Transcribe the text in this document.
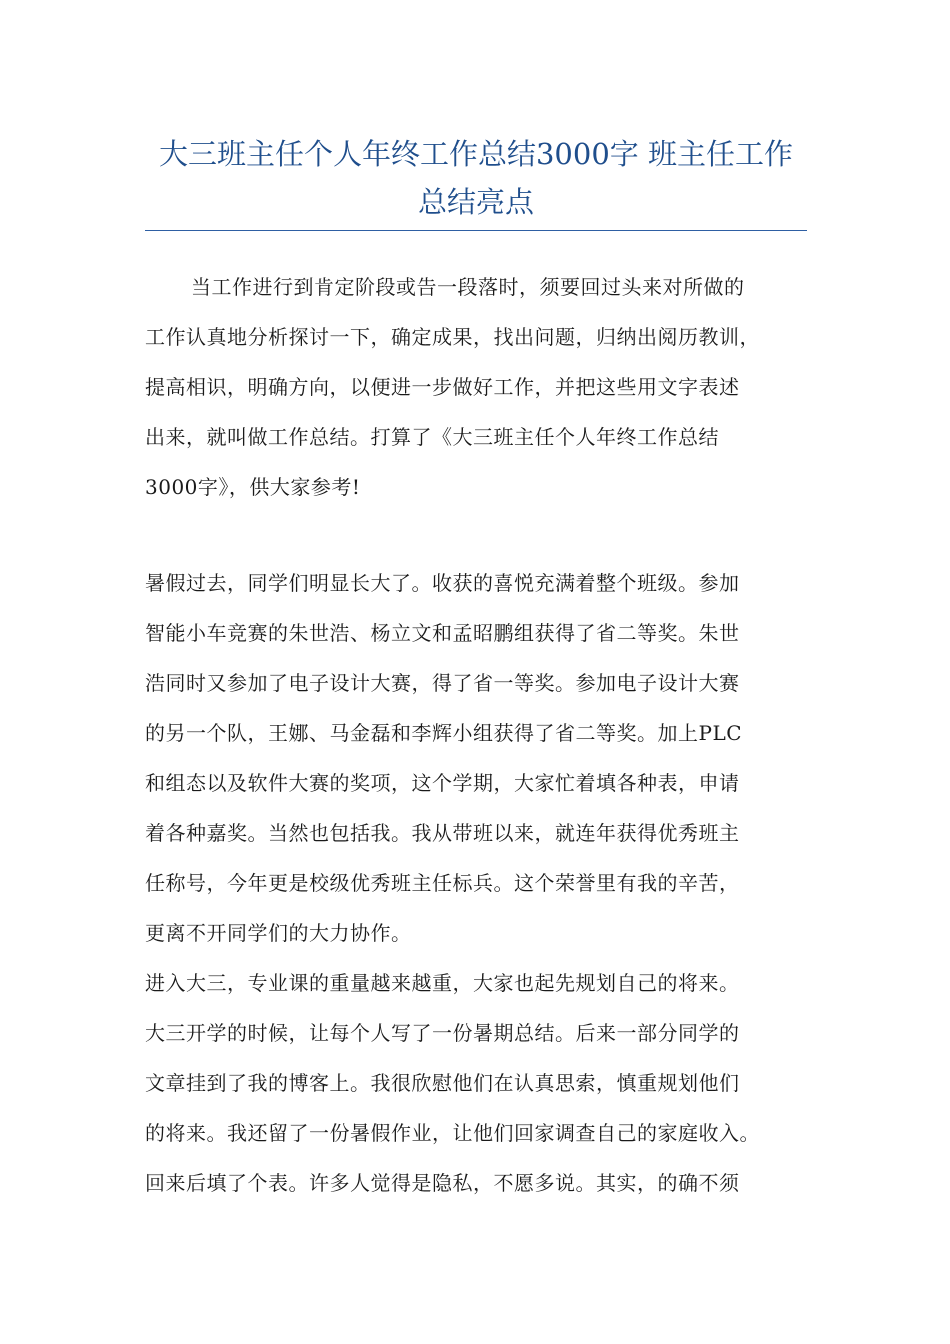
大三班主任个人年终工作总结3000字 班主任工作
总结亮点
当工作进行到肯定阶段或告一段落时，须要回过头来对所做的
工作认真地分析探讨一下，确定成果，找出问题，归纳出阅历教训，
提高相识，明确方向，以便进一步做好工作，并把这些用文字表述
出来，就叫做工作总结。打算了《大三班主任个人年终工作总结
3000字》，供大家参考!
暑假过去，同学们明显长大了。收获的喜悦充满着整个班级。参加
智能小车竞赛的朱世浩、杨立文和孟昭鹏组获得了省二等奖。朱世
浩同时又参加了电子设计大赛，得了省一等奖。参加电子设计大赛
的另一个队，王娜、马金磊和李辉小组获得了省二等奖。加上PLC
和组态以及软件大赛的奖项，这个学期，大家忙着填各种表，申请
着各种嘉奖。当然也包括我。我从带班以来，就连年获得优秀班主
任称号，今年更是校级优秀班主任标兵。这个荣誉里有我的辛苦，
更离不开同学们的大力协作。
进入大三，专业课的重量越来越重，大家也起先规划自己的将来。
大三开学的时候，让每个人写了一份暑期总结。后来一部分同学的
文章挂到了我的博客上。我很欣慰他们在认真思索，慎重规划他们
的将来。我还留了一份暑假作业，让他们回家调查自己的家庭收入。
回来后填了个表。许多人觉得是隐私，不愿多说。其实，的确不须
